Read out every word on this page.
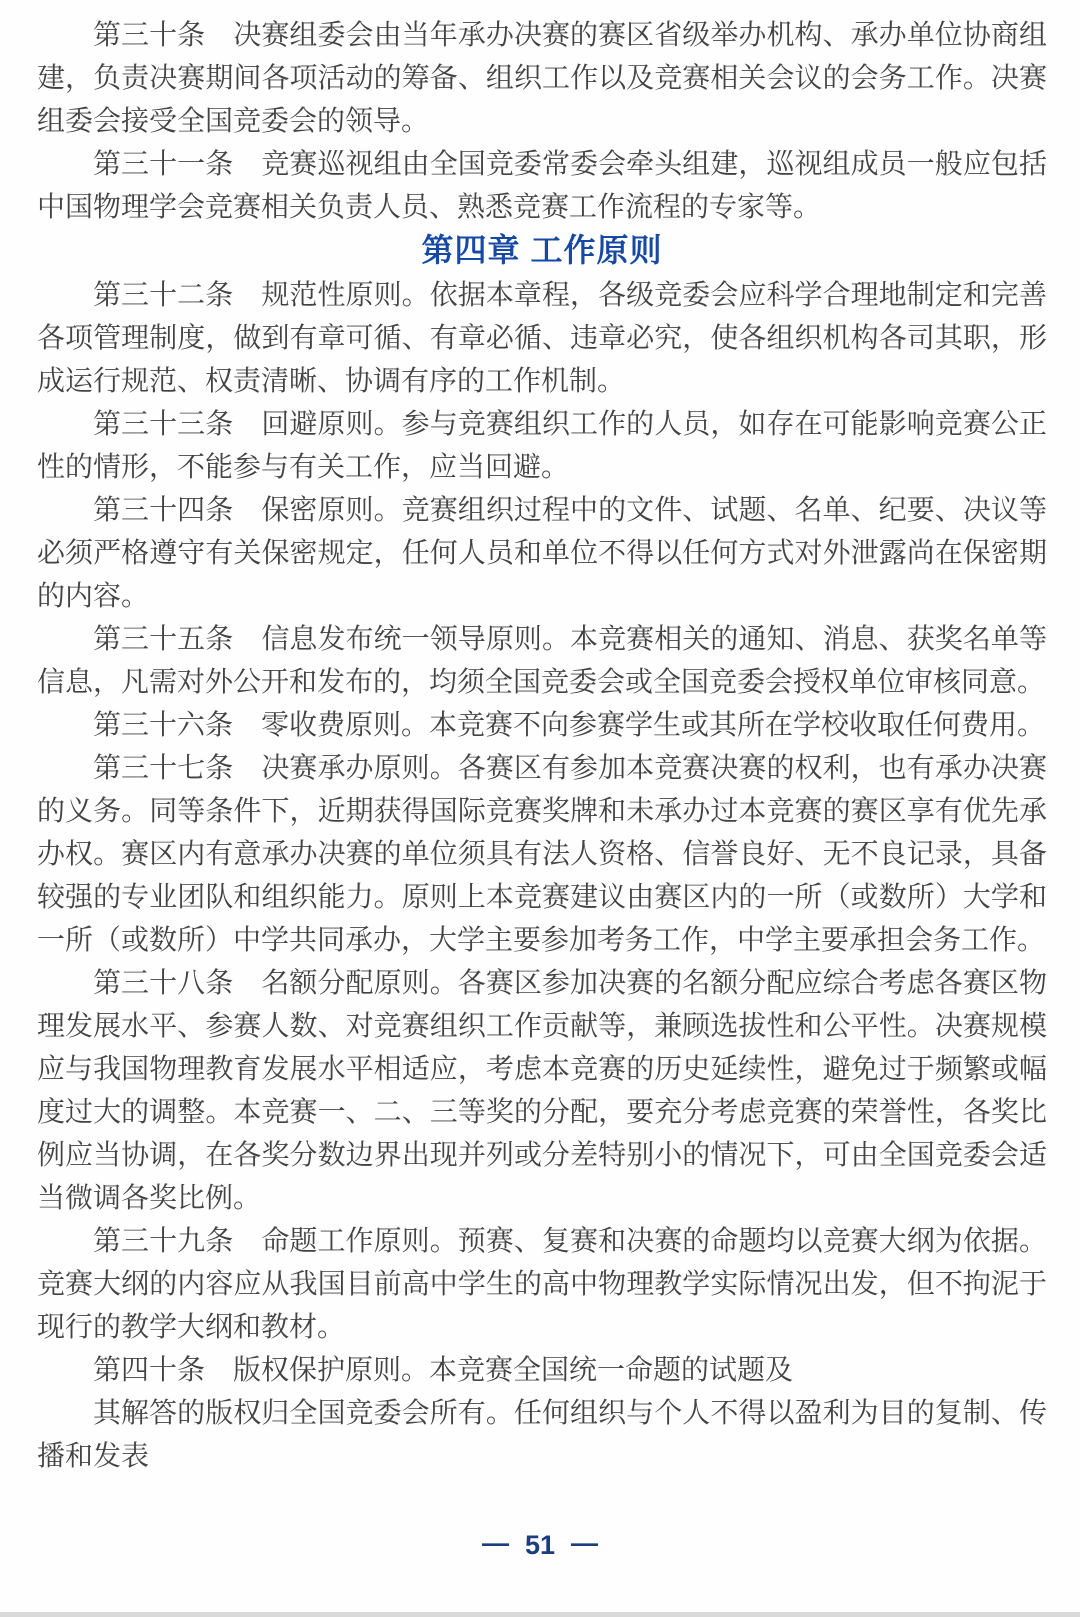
第三十条　决赛组委会由当年承办决赛的赛区省级举办机构、承办单位协商组建，负责决赛期间各项活动的筹备、组织工作以及竞赛相关会议的会务工作。决赛组委会接受全国竞委会的领导。

第三十一条　竞赛巡视组由全国竞委常委会牵头组建，巡视组成员一般应包括中国物理学会竞赛相关负责人员、熟悉竞赛工作流程的专家等。

第四章 工作原则

第三十二条　规范性原则。依据本章程，各级竞委会应科学合理地制定和完善各项管理制度，做到有章可循、有章必循、违章必究，使各组织机构各司其职，形成运行规范、权责清晰、协调有序的工作机制。

第三十三条　回避原则。参与竞赛组织工作的人员，如存在可能影响竞赛公正性的情形，不能参与有关工作，应当回避。

第三十四条　保密原则。竞赛组织过程中的文件、试题、名单、纪要、决议等必须严格遵守有关保密规定，任何人员和单位不得以任何方式对外泄露尚在保密期的内容。

第三十五条　信息发布统一领导原则。本竞赛相关的通知、消息、获奖名单等信息，凡需对外公开和发布的，均须全国竞委会或全国竞委会授权单位审核同意。

第三十六条　零收费原则。本竞赛不向参赛学生或其所在学校收取任何费用。

第三十七条　决赛承办原则。各赛区有参加本竞赛决赛的权利，也有承办决赛的义务。同等条件下，近期获得国际竞赛奖牌和未承办过本竞赛的赛区享有优先承办权。赛区内有意承办决赛的单位须具有法人资格、信誉良好、无不良记录，具备较强的专业团队和组织能力。原则上本竞赛建议由赛区内的一所（或数所）大学和一所（或数所）中学共同承办，大学主要参加考务工作，中学主要承担会务工作。

第三十八条　名额分配原则。各赛区参加决赛的名额分配应综合考虑各赛区物理发展水平、参赛人数、对竞赛组织工作贡献等，兼顾选拔性和公平性。决赛规模应与我国物理教育发展水平相适应，考虑本竞赛的历史延续性，避免过于频繁或幅度过大的调整。本竞赛一、二、三等奖的分配，要充分考虑竞赛的荣誉性，各奖比例应当协调，在各奖分数边界出现并列或分差特别小的情况下，可由全国竞委会适当微调各奖比例。

第三十九条　命题工作原则。预赛、复赛和决赛的命题均以竞赛大纲为依据。竞赛大纲的内容应从我国目前高中学生的高中物理教学实际情况出发，但不拘泥于现行的教学大纲和教材。

第四十条　版权保护原则。本竞赛全国统一命题的试题及

其解答的版权归全国竞委会所有。任何组织与个人不得以盈利为目的复制、传播和发表

— 51 —
